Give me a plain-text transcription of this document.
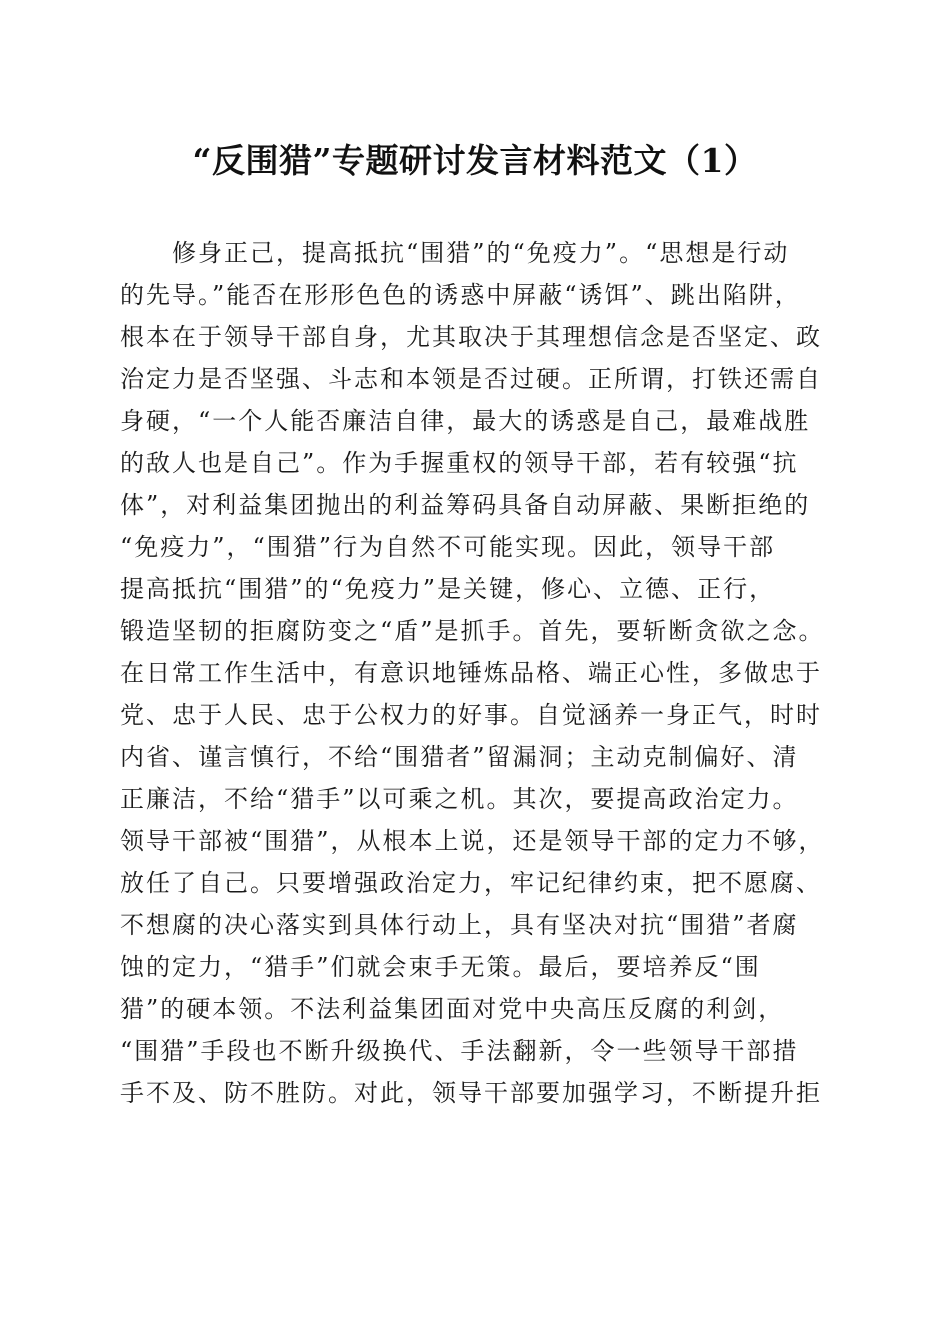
“反围猎”专题研讨发言材料范文（1）
　　修身正己，提高抵抗“围猎”的“免疫力”。“思想是行动
的先导。”能否在形形色色的诱惑中屏蔽“诱饵”、跳出陷阱，
根本在于领导干部自身，尤其取决于其理想信念是否坚定、政
治定力是否坚强、斗志和本领是否过硬。正所谓，打铁还需自
身硬，“一个人能否廉洁自律，最大的诱惑是自己，最难战胜
的敌人也是自己”。作为手握重权的领导干部，若有较强“抗
体”，对利益集团抛出的利益筹码具备自动屏蔽、果断拒绝的
“免疫力”，“围猎”行为自然不可能实现。因此，领导干部
提高抵抗“围猎”的“免疫力”是关键，修心、立德、正行，
锻造坚韧的拒腐防变之“盾”是抓手。首先，要斩断贪欲之念。
在日常工作生活中，有意识地锤炼品格、端正心性，多做忠于
党、忠于人民、忠于公权力的好事。自觉涵养一身正气，时时
内省、谨言慎行，不给“围猎者”留漏洞；主动克制偏好、清
正廉洁，不给“猎手”以可乘之机。其次，要提高政治定力。
领导干部被“围猎”，从根本上说，还是领导干部的定力不够，
放任了自己。只要增强政治定力，牢记纪律约束，把不愿腐、
不想腐的决心落实到具体行动上，具有坚决对抗“围猎”者腐
蚀的定力，“猎手”们就会束手无策。最后，要培养反“围
猎”的硬本领。不法利益集团面对党中央高压反腐的利剑，
“围猎”手段也不断升级换代、手法翻新，令一些领导干部措
手不及、防不胜防。对此，领导干部要加强学习，不断提升拒
